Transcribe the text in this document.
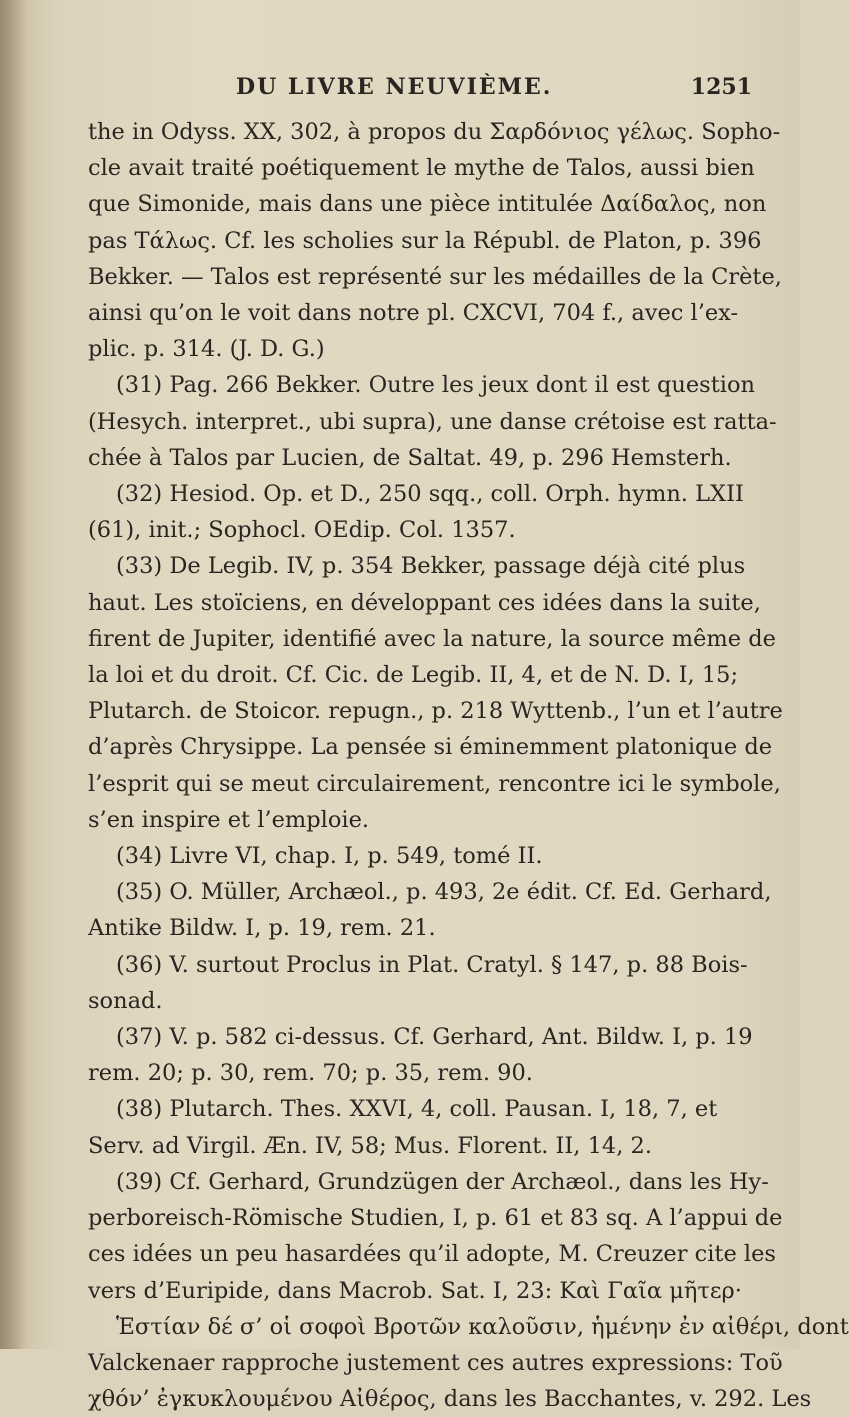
DU LIVRE NEUVIÈME.	1251
the in Odyss. XX, 302, à propos du Σαρδόνιος γέλως. Sopho-
cle avait traité poétiquement le mythe de Talos, aussi bien
que Simonide, mais dans une pièce intitulée Δαίδαλος, non
pas Τάλως. Cf. les scholies sur la Républ. de Platon, p. 396
Bekker. — Talos est représenté sur les médailles de la Crète,
ainsi qu’on le voit dans notre pl. CXCVI, 704 f., avec l’ex-
plic. p. 314. (J. D. G.)
(31) Pag. 266 Bekker. Outre les jeux dont il est question
(Hesych. interpret., ubi supra), une danse crétoise est ratta-
chée à Talos par Lucien, de Saltat. 49, p. 296 Hemsterh.
(32) Hesiod. Op. et D., 250 sqq., coll. Orph. hymn. LXII
(61), init.; Sophocl. OEdip. Col. 1357.
(33) De Legib. IV, p. 354 Bekker, passage déjà cité plus
haut. Les stoïciens, en développant ces idées dans la suite,
firent de Jupiter, identifié avec la nature, la source même de
la loi et du droit. Cf. Cic. de Legib. II, 4, et de N. D. I, 15;
Plutarch. de Stoicor. repugn., p. 218 Wyttenb., l’un et l’autre
d’après Chrysippe. La pensée si éminemment platonique de
l’esprit qui se meut circulairement, rencontre ici le symbole,
s’en inspire et l’emploie.
(34) Livre VI, chap. I, p. 549, tomé II.
(35) O. Müller, Archæol., p. 493, 2e édit. Cf. Ed. Gerhard,
Antike Bildw. I, p. 19, rem. 21.
(36) V. surtout Proclus in Plat. Cratyl. § 147, p. 88 Bois-
sonad.
(37) V. p. 582 ci-dessus. Cf. Gerhard, Ant. Bildw. I, p. 19
rem. 20; p. 30, rem. 70; p. 35, rem. 90.
(38) Plutarch. Thes. XXVI, 4, coll. Pausan. I, 18, 7, et
Serv. ad Virgil. Æn. IV, 58; Mus. Florent. II, 14, 2.
(39) Cf. Gerhard, Grundzügen der Archæol., dans les Hy-
perboreisch-Römische Studien, I, p. 61 et 83 sq. A l’appui de
ces idées un peu hasardées qu’il adopte, M. Creuzer cite les
vers d’Euripide, dans Macrob. Sat. I, 23: Καὶ Γαῖα μῆτερ·
Ἑστίαν δέ σ’ οἱ σοφοὶ Βροτῶν καλοῦσιν, ἡμένην ἐν αἰθέρι, dont
Valckenaer rapproche justement ces autres expressions: Τοῦ
χθόν’ ἐγκυκλουμένου Αἰθέρος, dans les Bacchantes, v. 292. Les
